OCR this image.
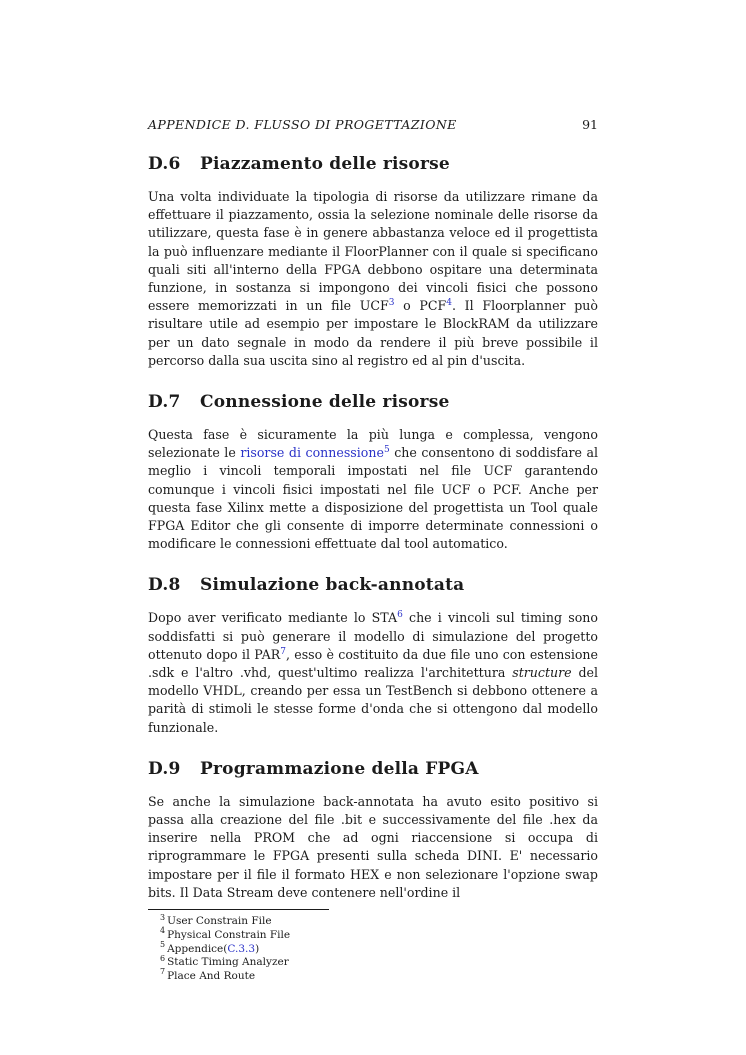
APPENDICE D. FLUSSO DI PROGETTAZIONE	91
D.6 Piazzamento delle risorse

Una volta individuate la tipologia di risorse da utilizzare rimane da effettuare il piazzamento, ossia la selezione nominale delle risorse da utilizzare, questa fase è in genere abbastanza veloce ed il progettista la può influenzare mediante il FloorPlanner con il quale si specificano quali siti all'interno della FPGA debbono ospitare una determinata funzione, in sostanza si impongono dei vincoli fisici che possono essere memorizzati in un file UCF$^3$ o PCF$^4$. Il Floorplanner può risultare utile ad esempio per impostare le BlockRAM da utilizzare per un dato segnale in modo da rendere il più breve possibile il percorso dalla sua uscita sino al registro ed al pin d'uscita.

D.7 Connessione delle risorse

Questa fase è sicuramente la più lunga e complessa, vengono selezionate le risorse di connessione$^5$ che consentono di soddisfare al meglio i vincoli temporali impostati nel file UCF garantendo comunque i vincoli fisici impostati nel file UCF o PCF. Anche per questa fase Xilinx mette a disposizione del progettista un Tool quale FPGA Editor che gli consente di imporre determinate connessioni o modificare le connessioni effettuate dal tool automatico.

D.8 Simulazione back-annotata

Dopo aver verificato mediante lo STA$^6$ che i vincoli sul timing sono soddisfatti si può generare il modello di simulazione del progetto ottenuto dopo il PAR$^7$, esso è costituito da due file uno con estensione .sdk e l'altro .vhd, quest'ultimo realizza l'architettura structure del modello VHDL, creando per essa un TestBench si debbono ottenere a parità di stimoli le stesse forme d'onda che si ottengono dal modello funzionale.

D.9 Programmazione della FPGA

Se anche la simulazione back-annotata ha avuto esito positivo si passa alla creazione del file .bit e successivamente del file .hex da inserire nella PROM che ad ogni riaccensione si occupa di riprogrammare le FPGA presenti sulla scheda DINI. E' necessario impostare per il file il formato HEX e non selezionare l'opzione swap bits. Il Data Stream deve contenere nell'ordine il

$^3$ User Constrain File
$^4$ Physical Constrain File
$^5$ Appendice(C.3.3)
$^6$ Static Timing Analyzer
$^7$ Place And Route
